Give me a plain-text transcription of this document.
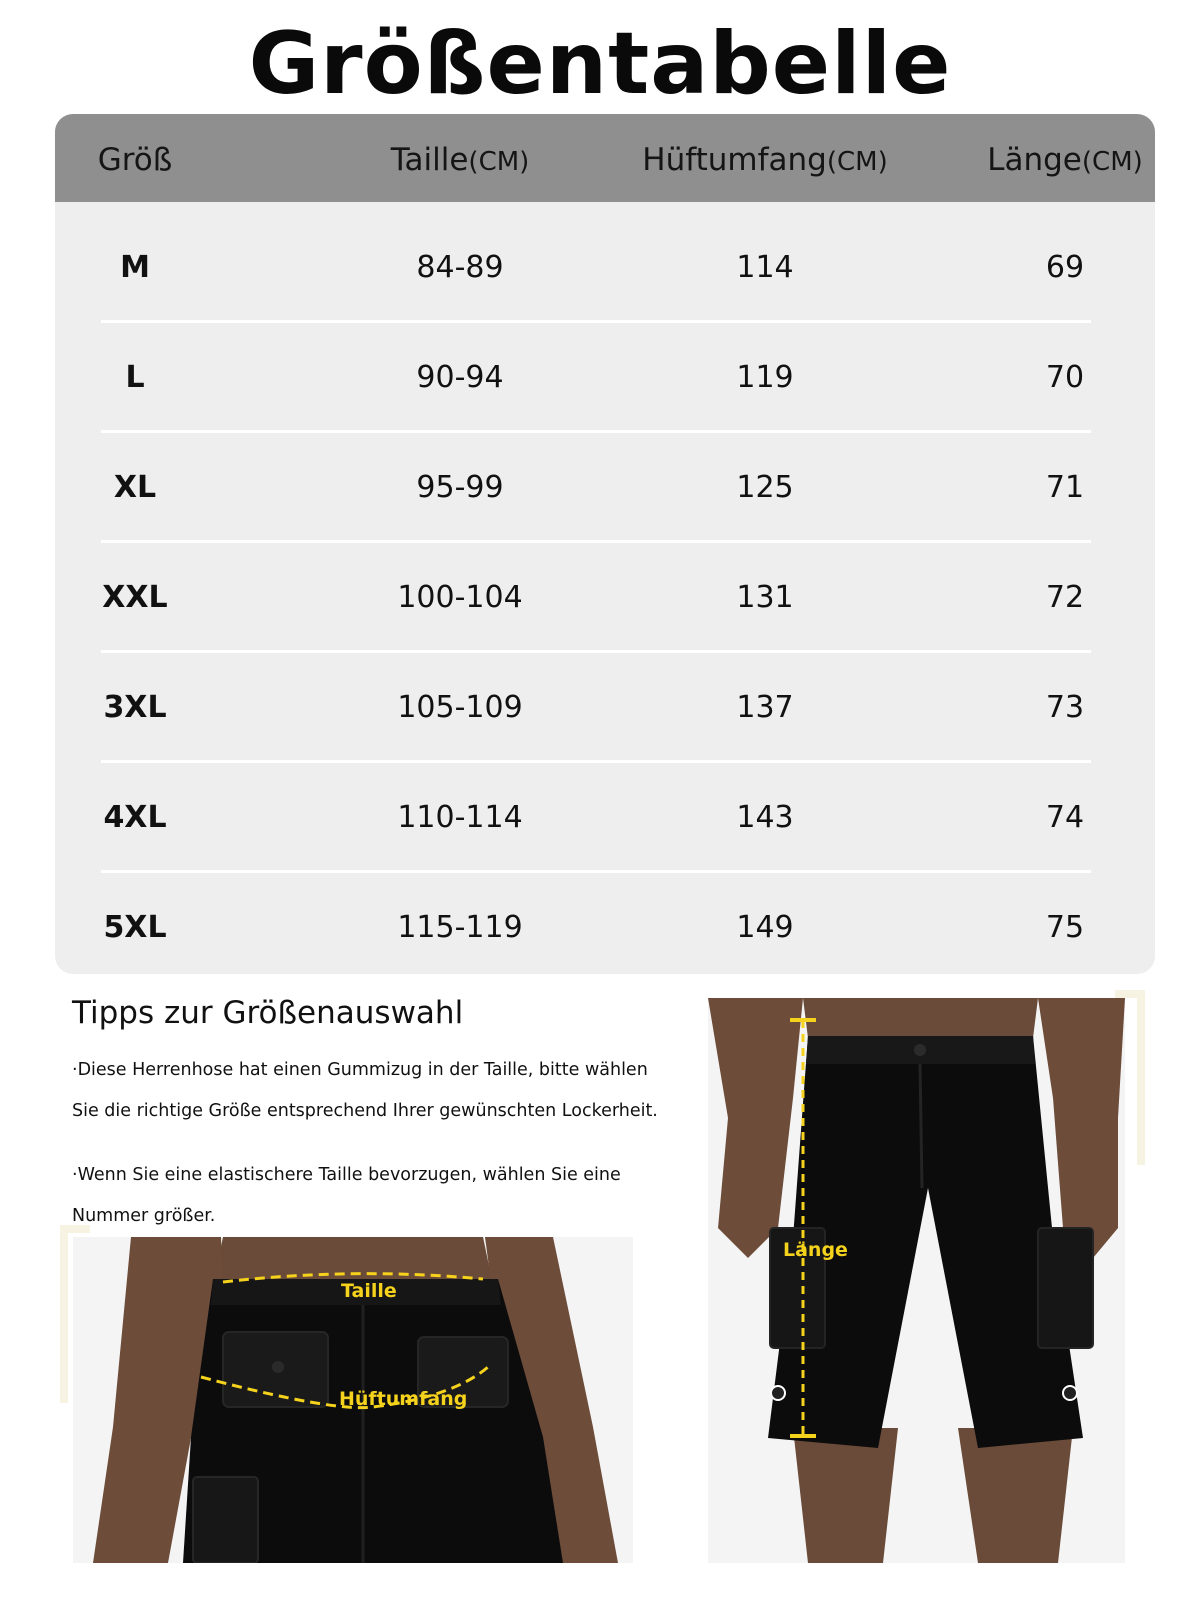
Größentabelle
Größ	Taille(CM)	Hüftumfang(CM)	Länge(CM)
M	84-89	114	69
L	90-94	119	70
XL	95-99	125	71
XXL	100-104	131	72
3XL	105-109	137	73
4XL	110-114	143	74
5XL	115-119	149	75
Tipps zur Größenauswahl
·Diese Herrenhose hat einen Gummizug in der Taille, bitte wählen Sie die richtige Größe entsprechend Ihrer gewünschten Lockerheit.
·Wenn Sie eine elastischere Taille bevorzugen, wählen Sie eine Nummer größer.
Taille
Hüftumfang
Länge
